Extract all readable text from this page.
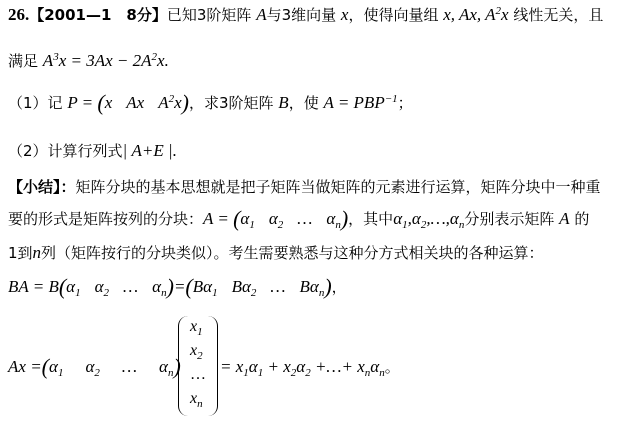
26.【2001—1　8分】已知3阶矩阵 A与3维向量 x，使得向量组 x, Ax, $A^2x$ 线性无关，且
满足 $A^3x = 3Ax - 2A^2x$.
（1）记 P = (x Ax $A^2x$)，求3阶矩阵 B，使 $A = PBP^{-1}$；
（2）计算行列式| A+E |.
【小结】：矩阵分块的基本思想就是把子矩阵当做矩阵的元素进行运算，矩阵分块中一种重
要的形式是矩阵按列的分块：$A = (\alpha_1$ $\alpha_2$ … $\alpha_n$)，其中$\alpha_1,\alpha_2,\dots,\alpha_n$分别表示矩阵 A 的
1到n列（矩阵按行的分块类似）。考生需要熟悉与这种分方式相关块的各种运算：
BA = $B(\alpha_1$ $\alpha_2$ … $\alpha_n)=(B\alpha_1$ $B\alpha_2$ … $B\alpha_n$)，
$Ax =(\alpha_1$ $\alpha_2$ … $\alpha_n$)
$x_1$
$x_2$
…
$x_n$
= $x_1\alpha_1 + x_2\alpha_2$ +…+ $x_n\alpha_n$。
